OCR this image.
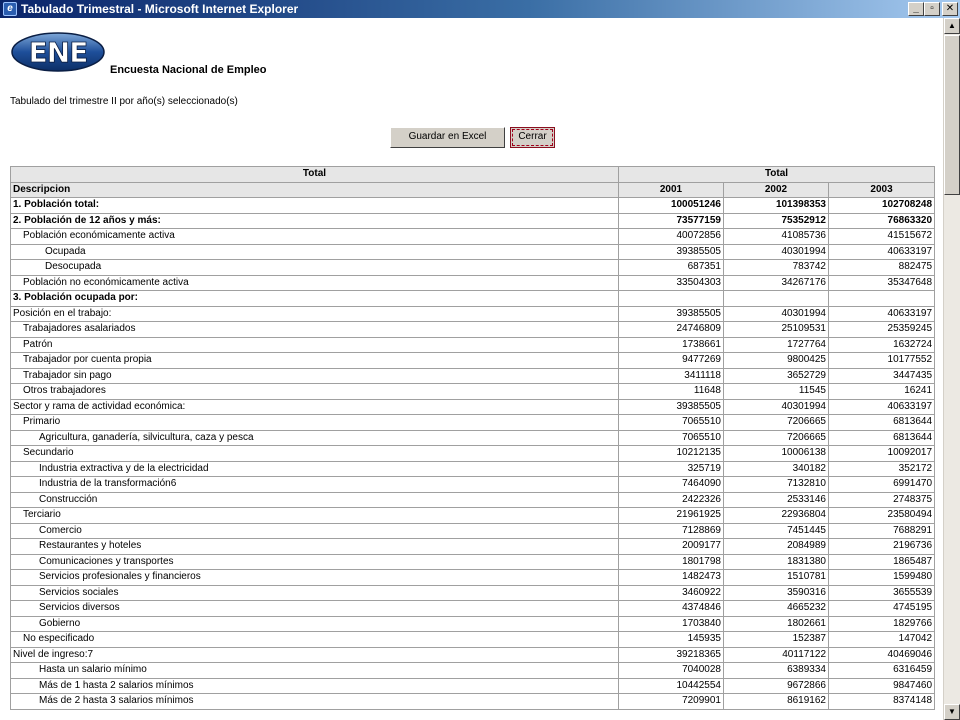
e Tabulado Trimestral - Microsoft Internet Explorer	_	▫	✕
ENE
Encuesta Nacional de Empleo
Tabulado del trimestre II por año(s) seleccionado(s)
Guardar en Excel	Cerrar
Total	Total		
Descripcion	2001	2002	2003
1. Población total:	100051246	101398353	102708248
2. Población de 12 años y más:	73577159	75352912	76863320
Población económicamente activa	40072856	41085736	41515672
Ocupada	39385505	40301994	40633197
Desocupada	687351	783742	882475
Población no económicamente activa	33504303	34267176	35347648
3. Población ocupada por:			
Posición en el trabajo:	39385505	40301994	40633197
Trabajadores asalariados	24746809	25109531	25359245
Patrón	1738661	1727764	1632724
Trabajador por cuenta propia	9477269	9800425	10177552
Trabajador sin pago	3411118	3652729	3447435
Otros trabajadores	11648	11545	16241
Sector y rama de actividad económica:	39385505	40301994	40633197
Primario	7065510	7206665	6813644
Agricultura, ganadería, silvicultura, caza y pesca	7065510	7206665	6813644
Secundario	10212135	10006138	10092017
Industria extractiva y de la electricidad	325719	340182	352172
Industria de la transformación6	7464090	7132810	6991470
Construcción	2422326	2533146	2748375
Terciario	21961925	22936804	23580494
Comercio	7128869	7451445	7688291
Restaurantes y hoteles	2009177	2084989	2196736
Comunicaciones y transportes	1801798	1831380	1865487
Servicios profesionales y financieros	1482473	1510781	1599480
Servicios sociales	3460922	3590316	3655539
Servicios diversos	4374846	4665232	4745195
Gobierno	1703840	1802661	1829766
No especificado	145935	152387	147042
Nivel de ingreso:7	39218365	40117122	40469046
Hasta un salario mínimo	7040028	6389334	6316459
Más de 1 hasta 2 salarios mínimos	10442554	9672866	9847460
Más de 2 hasta 3 salarios mínimos	7209901	8619162	8374148
▲
▼
